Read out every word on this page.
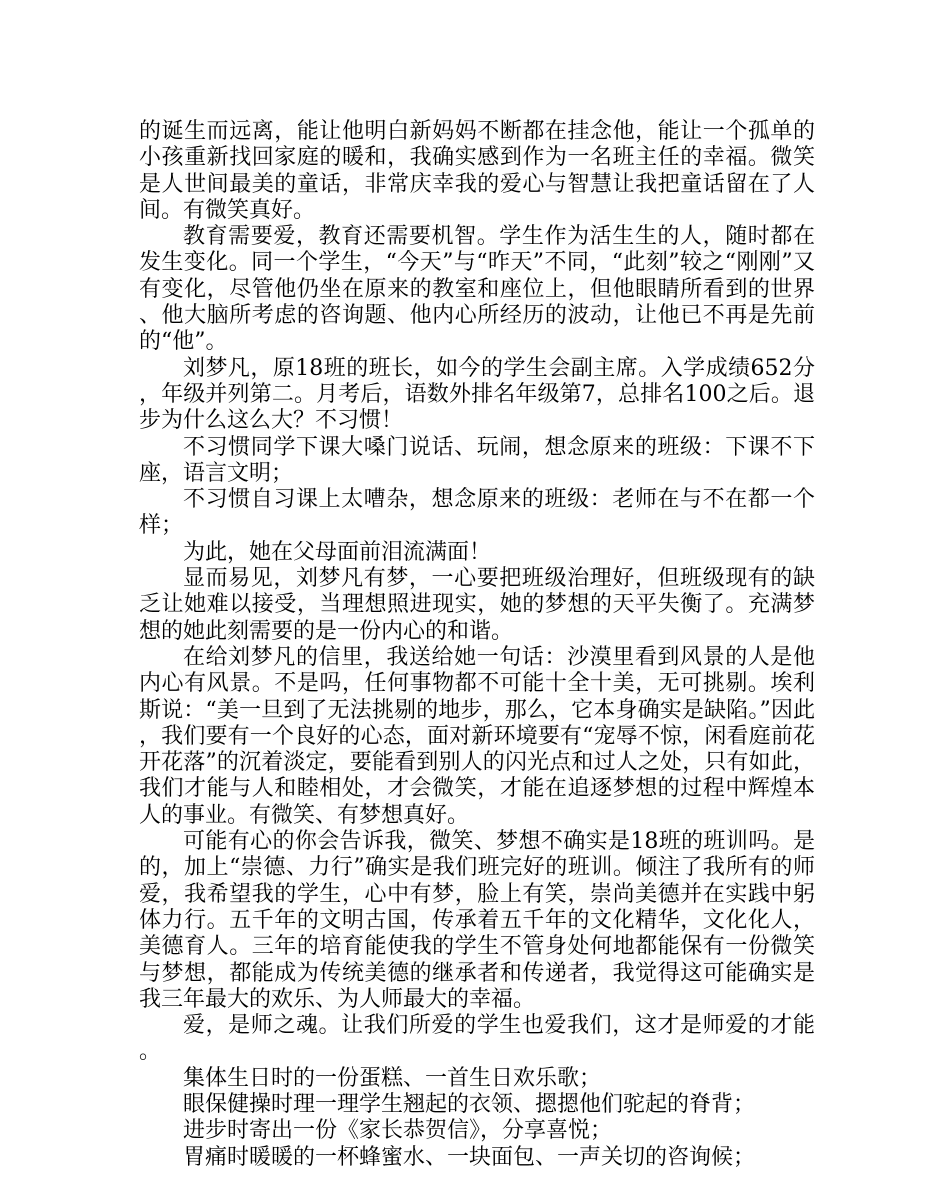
的诞生而远离，能让他明白新妈妈不断都在挂念他，能让一个孤单的小孩重新找回家庭的暖和，我确实感到作为一名班主任的幸福。微笑是人世间最美的童话，非常庆幸我的爱心与智慧让我把童话留在了人间。有微笑真好。

教育需要爱，教育还需要机智。学生作为活生生的人，随时都在发生变化。同一个学生，“今天”与“昨天”不同，“此刻”较之“刚刚”又有变化，尽管他仍坐在原来的教室和座位上，但他眼睛所看到的世界、他大脑所考虑的咨询题、他内心所经历的波动，让他已不再是先前的“他”。

刘梦凡，原18班的班长，如今的学生会副主席。入学成绩652分，年级并列第二。月考后，语数外排名年级第7，总排名100之后。退步为什么这么大？不习惯！

不习惯同学下课大嗓门说话、玩闹，想念原来的班级：下课不下座，语言文明；

不习惯自习课上太嘈杂，想念原来的班级：老师在与不在都一个样；

为此，她在父母面前泪流满面！

显而易见，刘梦凡有梦，一心要把班级治理好，但班级现有的缺乏让她难以接受，当理想照进现实，她的梦想的天平失衡了。充满梦想的她此刻需要的是一份内心的和谐。

在给刘梦凡的信里，我送给她一句话：沙漠里看到风景的人是他内心有风景。不是吗，任何事物都不可能十全十美，无可挑剔。埃利斯说：“美一旦到了无法挑剔的地步，那么，它本身确实是缺陷。”因此，我们要有一个良好的心态，面对新环境要有“宠辱不惊，闲看庭前花开花落”的沉着淡定，要能看到别人的闪光点和过人之处，只有如此，我们才能与人和睦相处，才会微笑，才能在追逐梦想的过程中辉煌本人的事业。有微笑、有梦想真好。

可能有心的你会告诉我，微笑、梦想不确实是18班的班训吗。是的，加上“崇德、力行”确实是我们班完好的班训。倾注了我所有的师爱，我希望我的学生，心中有梦，脸上有笑，崇尚美德并在实践中躬体力行。五千年的文明古国，传承着五千年的文化精华，文化化人，美德育人。三年的培育能使我的学生不管身处何地都能保有一份微笑与梦想，都能成为传统美德的继承者和传递者，我觉得这可能确实是我三年最大的欢乐、为人师最大的幸福。

爱，是师之魂。让我们所爱的学生也爱我们，这才是师爱的才能。

集体生日时的一份蛋糕、一首生日欢乐歌；

眼保健操时理一理学生翘起的衣领、摁摁他们驼起的脊背；

进步时寄出一份《家长恭贺信》，分享喜悦；

胃痛时暖暖的一杯蜂蜜水、一块面包、一声关切的咨询候；
